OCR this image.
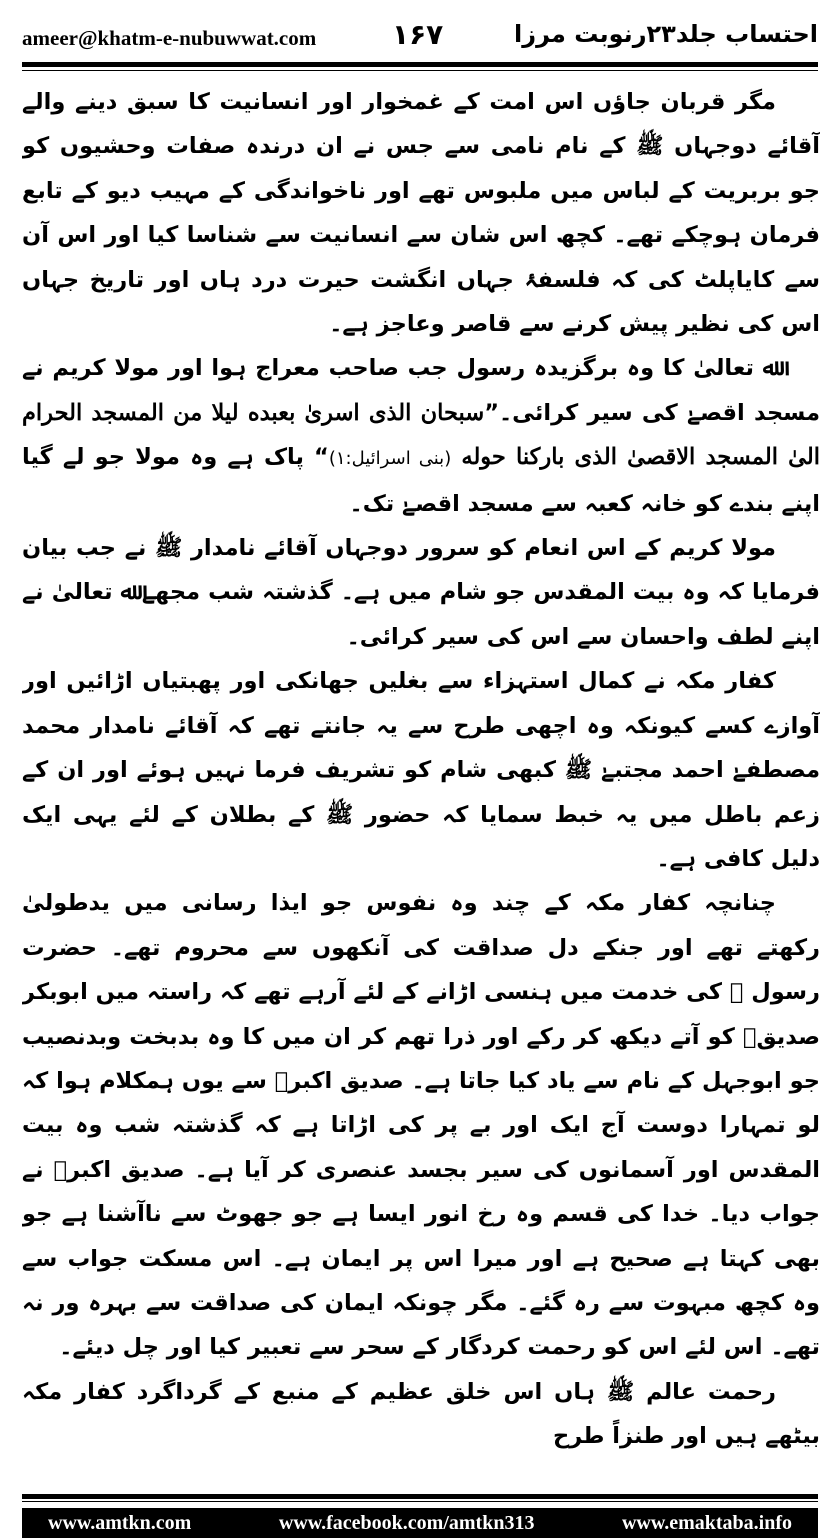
ameer@khatm-e-nubuwwat.com	۱۶۷	احتساب جلد۲۳رنوبت مرزا

مگر قربان جاؤں اس امت کے غمخوار اور انسانیت کا سبق دینے والے آقائے دوجہاں ﷺ کے نام نامی سے جس نے ان درندہ صفات وحشیوں کو جو بربریت کے لباس میں ملبوس تھے اور ناخواندگی کے مہیب دیو کے تابع فرمان ہوچکے تھے۔ کچھ اس شان سے انسانیت سے شناسا کیا اور اس آن سے کایاپلٹ کی کہ فلسفۂ جہاں انگشت حیرت درد ہاں اور تاریخ جہاں اس کی نظیر پیش کرنے سے قاصر وعاجز ہے۔

ﷲ تعالیٰ کا وہ برگزیدہ رسول جب صاحب معراج ہوا اور مولا کریم نے مسجد اقصےٰ کی سیر کرائی۔”سبحان الذی اسریٰ بعبده لیلا من المسجد الحرام الیٰ المسجد الاقصیٰ الذی بارکنا حوله (بنی اسرائیل:۱)“ پاک ہے وہ مولا جو لے گیا اپنے بندے کو خانہ کعبہ سے مسجد اقصےٰ تک۔

مولا کریم کے اس انعام کو سرور دوجہاں آقائے نامدار ﷺ نے جب بیان فرمایا کہ وہ بیت المقدس جو شام میں ہے۔ گذشتہ شب مجھے ﷲ تعالیٰ نے اپنے لطف واحسان سے اس کی سیر کرائی۔

کفار مکہ نے کمال استہزاء سے بغلیں جھانکی اور پھبتیاں اڑائیں اور آوازے کسے کیونکہ وہ اچھی طرح سے یہ جانتے تھے کہ آقائے نامدار محمد مصطفےٰ احمد مجتبےٰ ﷺ کبھی شام کو تشریف فرما نہیں ہوئے اور ان کے زعم باطل میں یہ خبط سمایا کہ حضور ﷺ کے بطلان کے لئے یہی ایک دلیل کافی ہے۔

چنانچہ کفار مکہ کے چند وہ نفوس جو ایذا رسانی میں یدطولیٰ رکھتے تھے اور جنکے دل صداقت کی آنکھوں سے محروم تھے۔ حضرت رسول ﷺ کی خدمت میں ہنسی اڑانے کے لئے آرہے تھے کہ راستہ میں ابوبکر صدیقؓ کو آتے دیکھ کر رکے اور ذرا تھم کر ان میں کا وہ بدبخت وبدنصیب جو ابوجہل کے نام سے یاد کیا جاتا ہے۔ صدیق اکبرؓ سے یوں ہمکلام ہوا کہ لو تمہارا دوست آج ایک اور بے پر کی اڑاتا ہے کہ گذشتہ شب وہ بیت المقدس اور آسمانوں کی سیر بجسد عنصری کر آیا ہے۔ صدیق اکبرؓ نے جواب دیا۔ خدا کی قسم وہ رخ انور ایسا ہے جو جھوٹ سے ناآشنا ہے جو بھی کہتا ہے صحیح ہے اور میرا اس پر ایمان ہے۔ اس مسکت جواب سے وہ کچھ مبہوت سے رہ گئے۔ مگر چونکہ ایمان کی صداقت سے بہرہ ور نہ تھے۔ اس لئے اس کو رحمت کردگار کے سحر سے تعبیر کیا اور چل دیئے۔

رحمت عالم ﷺ ہاں اس خلق عظیم کے منبع کے گرداگرد کفار مکہ بیٹھے ہیں اور طنزاً طرح

www.amtkn.com	www.facebook.com/amtkn313	www.emaktaba.info
